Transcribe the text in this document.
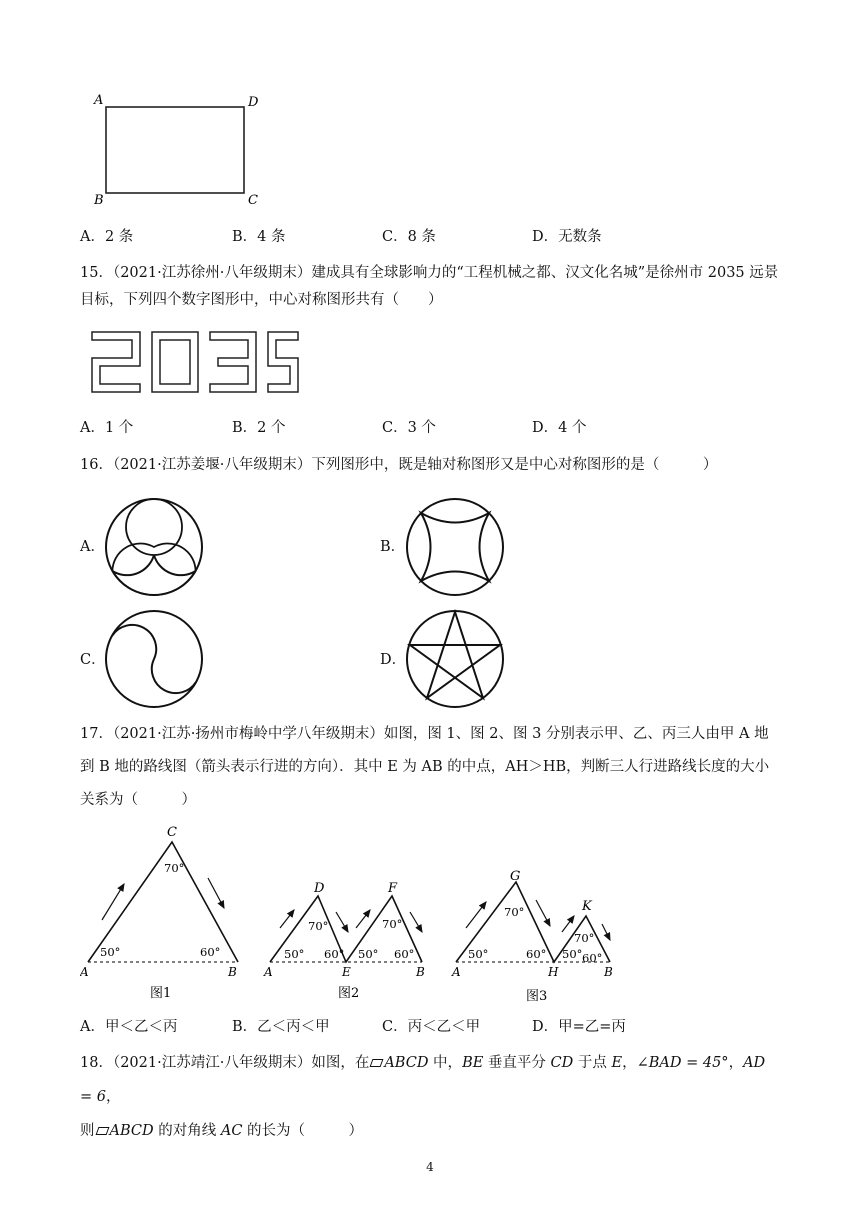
A	D
B	C
A．2 条	B．4 条	C．8 条	D．无数条
15．（2021·江苏徐州·八年级期末）建成具有全球影响力的“工程机械之都、汉文化名城”是徐州市 2035 远景目标，下列四个数字图形中，中心对称图形共有（　　）
A．1 个	B．2 个	C．3 个	D．4 个
16．（2021·江苏姜堰·八年级期末）下列图形中，既是轴对称图形又是中心对称图形的是（　　　）
A．	B．
C．	D．
17．（2021·江苏·扬州市梅岭中学八年级期末）如图，图 1、图 2、图 3 分别表示甲、乙、丙三人由甲 A 地到 B 地的路线图（箭头表示行进的方向）．其中 E 为 AB 的中点，AH＞HB，判断三人行进路线长度的大小关系为（　　　）
C
70°
50°	60°
A	B
图1
D	F
70°	70°
50° 60° 50° 60°
A	E	B
图2
G
K
70°
70°
50°	60° 50° 60°
A	H	B
图3
A．甲＜乙＜丙	B．乙＜丙＜甲	C．丙＜乙＜甲	D．甲=乙=丙
18．（2021·江苏靖江·八年级期末）如图，在 ABCD 中，BE 垂直平分 CD 于点 E，∠BAD = 45°，AD = 6，
则 ABCD 的对角线 AC 的长为（　　　）
4
